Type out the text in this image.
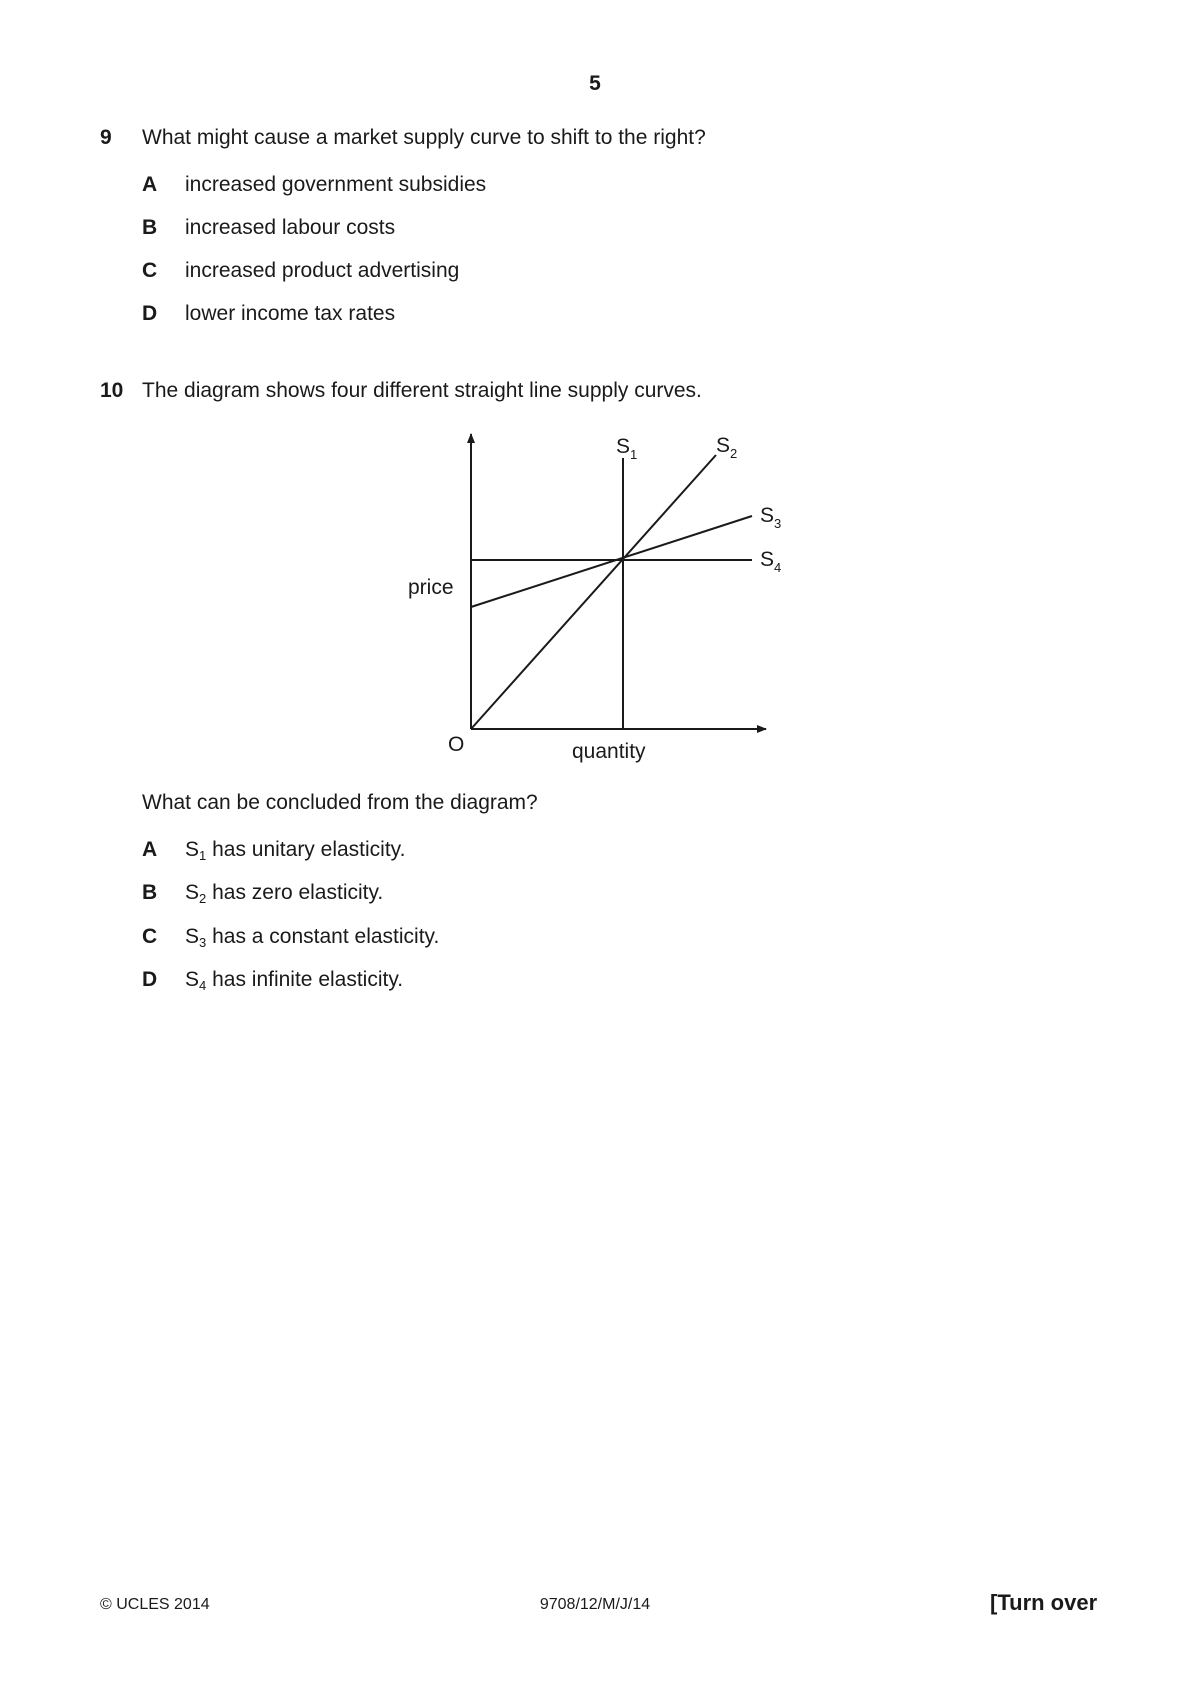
5
9 What might cause a market supply curve to shift to the right?
A increased government subsidies
B increased labour costs
C increased product advertising
D lower income tax rates
10 The diagram shows four different straight line supply curves.
$S_1$	$S_2$
$S_3$
$S_4$
price
O	quantity
What can be concluded from the diagram?
A $S_1$ has unitary elasticity.
B $S_2$ has zero elasticity.
C $S_3$ has a constant elasticity.
D $S_4$ has infinite elasticity.
© UCLES 2014	9708/12/M/J/14	[Turn over
